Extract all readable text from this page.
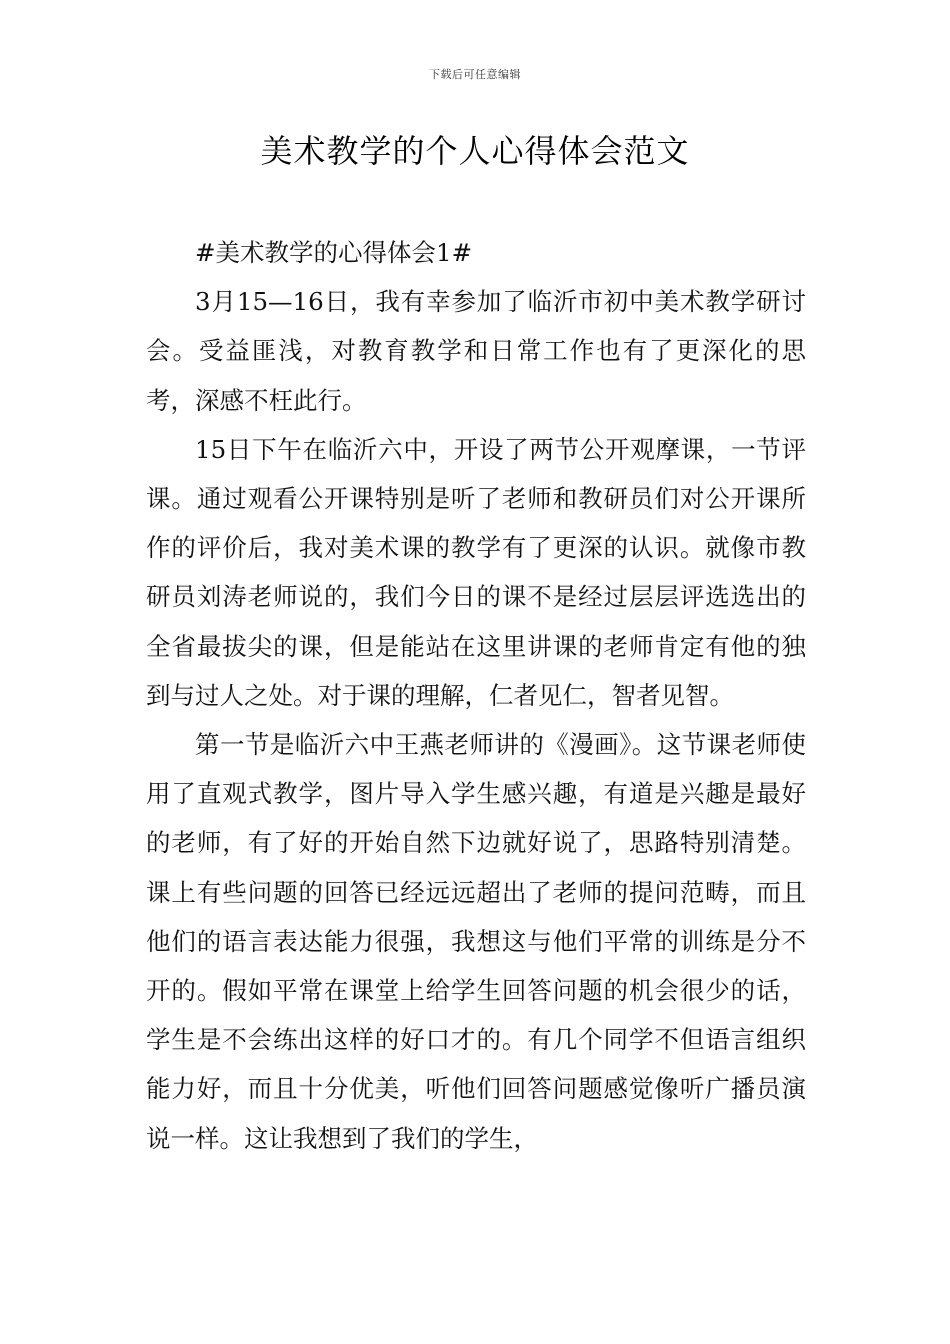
下载后可任意编辑
美术教学的个人心得体会范文

#美术教学的心得体会1#

3月15—16日，我有幸参加了临沂市初中美术教学研讨会。受益匪浅，对教育教学和日常工作也有了更深化的思考，深感不枉此行。

15日下午在临沂六中，开设了两节公开观摩课，一节评课。通过观看公开课特别是听了老师和教研员们对公开课所作的评价后，我对美术课的教学有了更深的认识。就像市教研员刘涛老师说的，我们今日的课不是经过层层评选选出的全省最拔尖的课，但是能站在这里讲课的老师肯定有他的独到与过人之处。对于课的理解，仁者见仁，智者见智。

第一节是临沂六中王燕老师讲的《漫画》。这节课老师使用了直观式教学，图片导入学生感兴趣，有道是兴趣是最好的老师，有了好的开始自然下边就好说了，思路特别清楚。课上有些问题的回答已经远远超出了老师的提问范畴，而且他们的语言表达能力很强，我想这与他们平常的训练是分不开的。假如平常在课堂上给学生回答问题的机会很少的话，学生是不会练出这样的好口才的。有几个同学不但语言组织能力好，而且十分优美，听他们回答问题感觉像听广播员演说一样。这让我想到了我们的学生，
